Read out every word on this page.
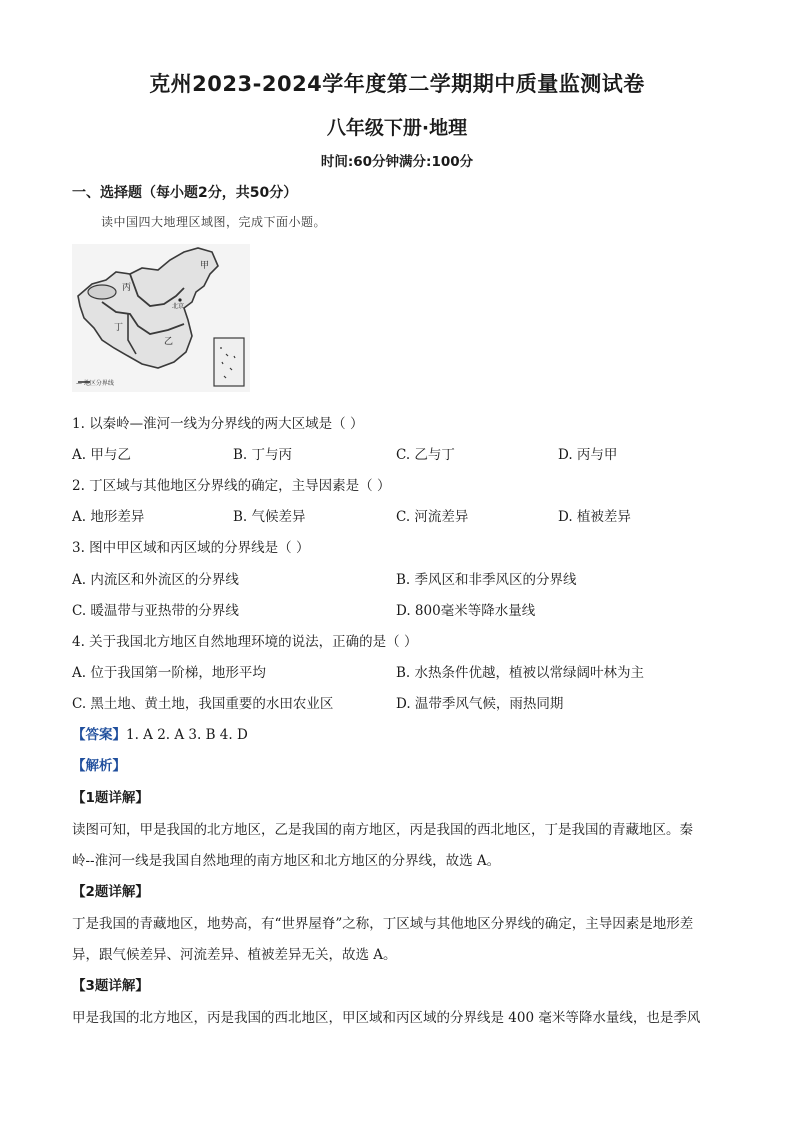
克州2023-2024学年度第二学期期中质量监测试卷
八年级下册·地理
时间:60分钟满分:100分
一、选择题（每小题2分，共50分）
读中国四大地理区域图，完成下面小题。
甲
丙
丁
乙
北京
— 地区分界线
1. 以秦岭—淮河一线为分界线的两大区域是（ ）
A. 甲与乙	B. 丁与丙	C. 乙与丁	D. 丙与甲
2. 丁区域与其他地区分界线的确定，主导因素是（ ）
A. 地形差异	B. 气候差异	C. 河流差异	D. 植被差异
3. 图中甲区域和丙区域的分界线是（ ）
A. 内流区和外流区的分界线	B. 季风区和非季风区的分界线
C. 暖温带与亚热带的分界线	D. 800毫米等降水量线
4. 关于我国北方地区自然地理环境的说法，正确的是（ ）
A. 位于我国第一阶梯，地形平均	B. 水热条件优越，植被以常绿阔叶林为主
C. 黑土地、黄土地，我国重要的水田农业区	D. 温带季风气候，雨热同期
【答案】1. A 2. A 3. B 4. D
【解析】
【1题详解】
读图可知，甲是我国的北方地区，乙是我国的南方地区，丙是我国的西北地区，丁是我国的青藏地区。秦
岭--淮河一线是我国自然地理的南方地区和北方地区的分界线，故选 A。
【2题详解】
丁是我国的青藏地区，地势高，有“世界屋脊”之称，丁区域与其他地区分界线的确定，主导因素是地形差
异，跟气候差异、河流差异、植被差异无关，故选 A。
【3题详解】
甲是我国的北方地区，丙是我国的西北地区，甲区域和丙区域的分界线是 400 毫米等降水量线，也是季风
